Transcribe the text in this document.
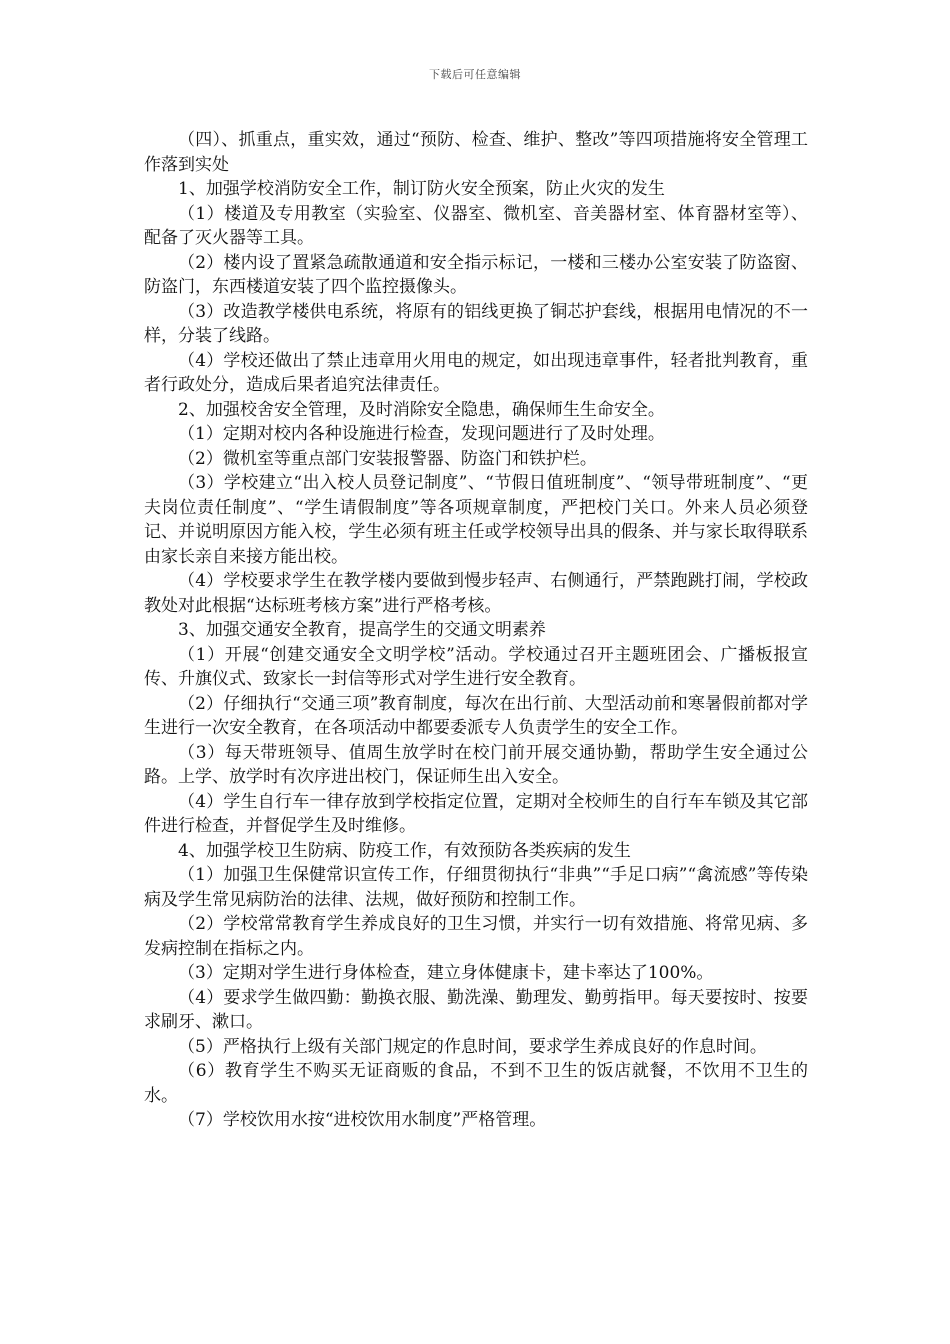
下载后可任意编辑

（四）、抓重点，重实效，通过“预防、检查、维护、整改”等四项措施将安全管理工作落到实处

1、加强学校消防安全工作，制订防火安全预案，防止火灾的发生

（1）楼道及专用教室（实验室、仪器室、微机室、音美器材室、体育器材室等）、配备了灭火器等工具。

（2）楼内设了置紧急疏散通道和安全指示标记，一楼和三楼办公室安装了防盗窗、防盗门，东西楼道安装了四个监控摄像头。

（3）改造教学楼供电系统，将原有的铝线更换了铜芯护套线，根据用电情况的不一样，分装了线路。

（4）学校还做出了禁止违章用火用电的规定，如出现违章事件，轻者批判教育，重者行政处分，造成后果者追究法律责任。

2、加强校舍安全管理，及时消除安全隐患，确保师生生命安全。

（1）定期对校内各种设施进行检查，发现问题进行了及时处理。

（2）微机室等重点部门安装报警器、防盗门和铁护栏。

（3）学校建立“出入校人员登记制度”、“节假日值班制度”、“领导带班制度”、“更夫岗位责任制度”、“学生请假制度”等各项规章制度，严把校门关口。外来人员必须登记、并说明原因方能入校，学生必须有班主任或学校领导出具的假条、并与家长取得联系由家长亲自来接方能出校。

（4）学校要求学生在教学楼内要做到慢步轻声、右侧通行，严禁跑跳打闹，学校政教处对此根据“达标班考核方案”进行严格考核。

3、加强交通安全教育，提高学生的交通文明素养

（1）开展“创建交通安全文明学校”活动。学校通过召开主题班团会、广播板报宣传、升旗仪式、致家长一封信等形式对学生进行安全教育。

（2）仔细执行“交通三项”教育制度，每次在出行前、大型活动前和寒暑假前都对学生进行一次安全教育，在各项活动中都要委派专人负责学生的安全工作。

（3）每天带班领导、值周生放学时在校门前开展交通协勤，帮助学生安全通过公路。上学、放学时有次序进出校门，保证师生出入安全。

（4）学生自行车一律存放到学校指定位置，定期对全校师生的自行车车锁及其它部件进行检查，并督促学生及时维修。

4、加强学校卫生防病、防疫工作，有效预防各类疾病的发生

（1）加强卫生保健常识宣传工作，仔细贯彻执行“非典”“手足口病”“禽流感”等传染病及学生常见病防治的法律、法规，做好预防和控制工作。

（2）学校常常教育学生养成良好的卫生习惯，并实行一切有效措施、将常见病、多发病控制在指标之内。

（3）定期对学生进行身体检查，建立身体健康卡，建卡率达了100%。

（4）要求学生做四勤：勤换衣服、勤洗澡、勤理发、勤剪指甲。每天要按时、按要求刷牙、漱口。

（5）严格执行上级有关部门规定的作息时间，要求学生养成良好的作息时间。

（6）教育学生不购买无证商贩的食品，不到不卫生的饭店就餐，不饮用不卫生的水。

（7）学校饮用水按“进校饮用水制度”严格管理。
